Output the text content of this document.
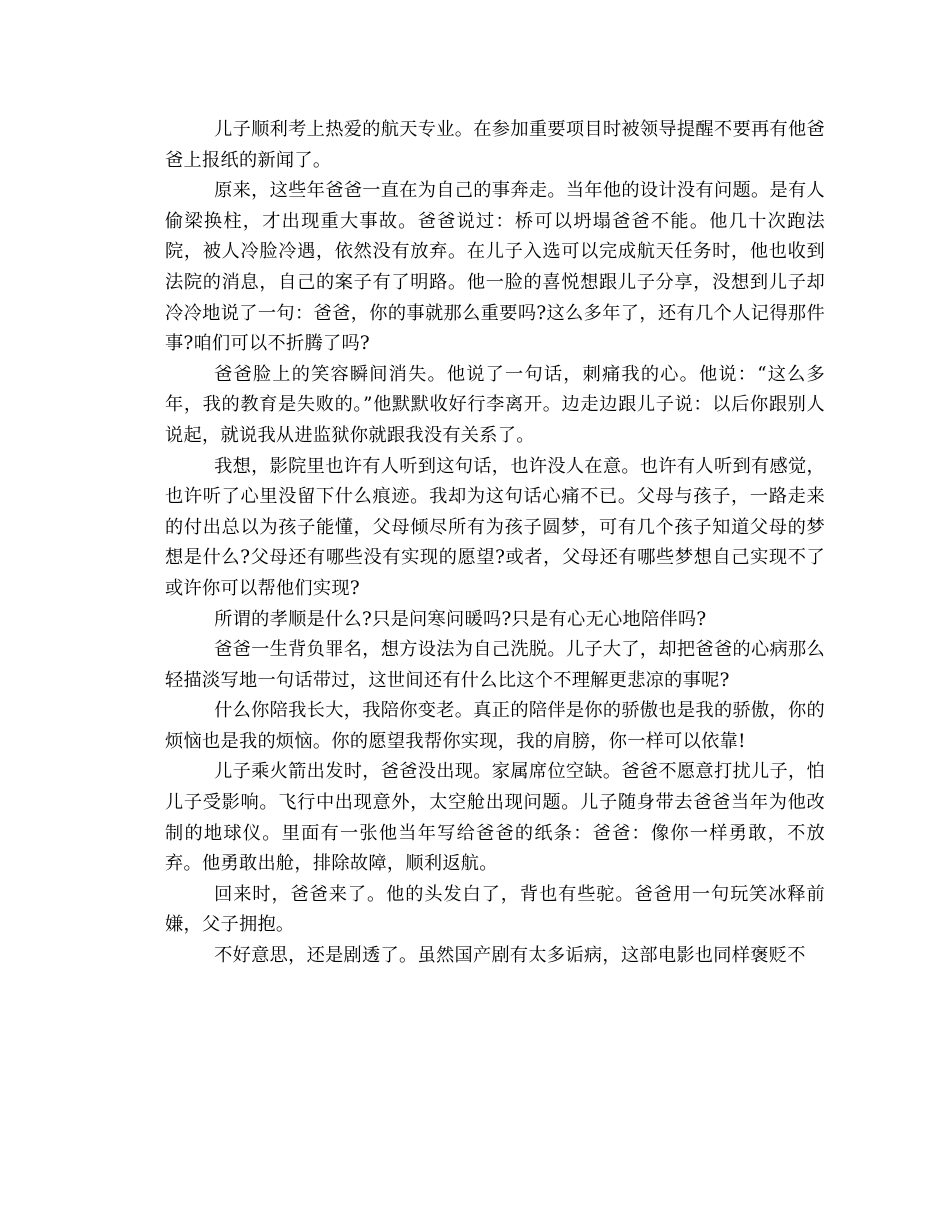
儿子顺利考上热爱的航天专业。在参加重要项目时被领导提醒不要再有他爸爸上报纸的新闻了。

原来，这些年爸爸一直在为自己的事奔走。当年他的设计没有问题。是有人偷梁换柱，才出现重大事故。爸爸说过：桥可以坍塌爸爸不能。他几十次跑法院，被人冷脸冷遇，依然没有放弃。在儿子入选可以完成航天任务时，他也收到法院的消息，自己的案子有了明路。他一脸的喜悦想跟儿子分享，没想到儿子却冷冷地说了一句：爸爸，你的事就那么重要吗?这么多年了，还有几个人记得那件事?咱们可以不折腾了吗?

爸爸脸上的笑容瞬间消失。他说了一句话，刺痛我的心。他说：“这么多年，我的教育是失败的。”他默默收好行李离开。边走边跟儿子说：以后你跟别人说起，就说我从进监狱你就跟我没有关系了。

我想，影院里也许有人听到这句话，也许没人在意。也许有人听到有感觉，也许听了心里没留下什么痕迹。我却为这句话心痛不已。父母与孩子，一路走来的付出总以为孩子能懂，父母倾尽所有为孩子圆梦，可有几个孩子知道父母的梦想是什么?父母还有哪些没有实现的愿望?或者，父母还有哪些梦想自己实现不了或许你可以帮他们实现?

所谓的孝顺是什么?只是问寒问暖吗?只是有心无心地陪伴吗?

爸爸一生背负罪名，想方设法为自己洗脱。儿子大了，却把爸爸的心病那么轻描淡写地一句话带过，这世间还有什么比这个不理解更悲凉的事呢?

什么你陪我长大，我陪你变老。真正的陪伴是你的骄傲也是我的骄傲，你的烦恼也是我的烦恼。你的愿望我帮你实现，我的肩膀，你一样可以依靠!

儿子乘火箭出发时，爸爸没出现。家属席位空缺。爸爸不愿意打扰儿子，怕儿子受影响。飞行中出现意外，太空舱出现问题。儿子随身带去爸爸当年为他改制的地球仪。里面有一张他当年写给爸爸的纸条：爸爸：像你一样勇敢，不放弃。他勇敢出舱，排除故障，顺利返航。

回来时，爸爸来了。他的头发白了，背也有些驼。爸爸用一句玩笑冰释前嫌，父子拥抱。

不好意思，还是剧透了。虽然国产剧有太多诟病，这部电影也同样褒贬不
